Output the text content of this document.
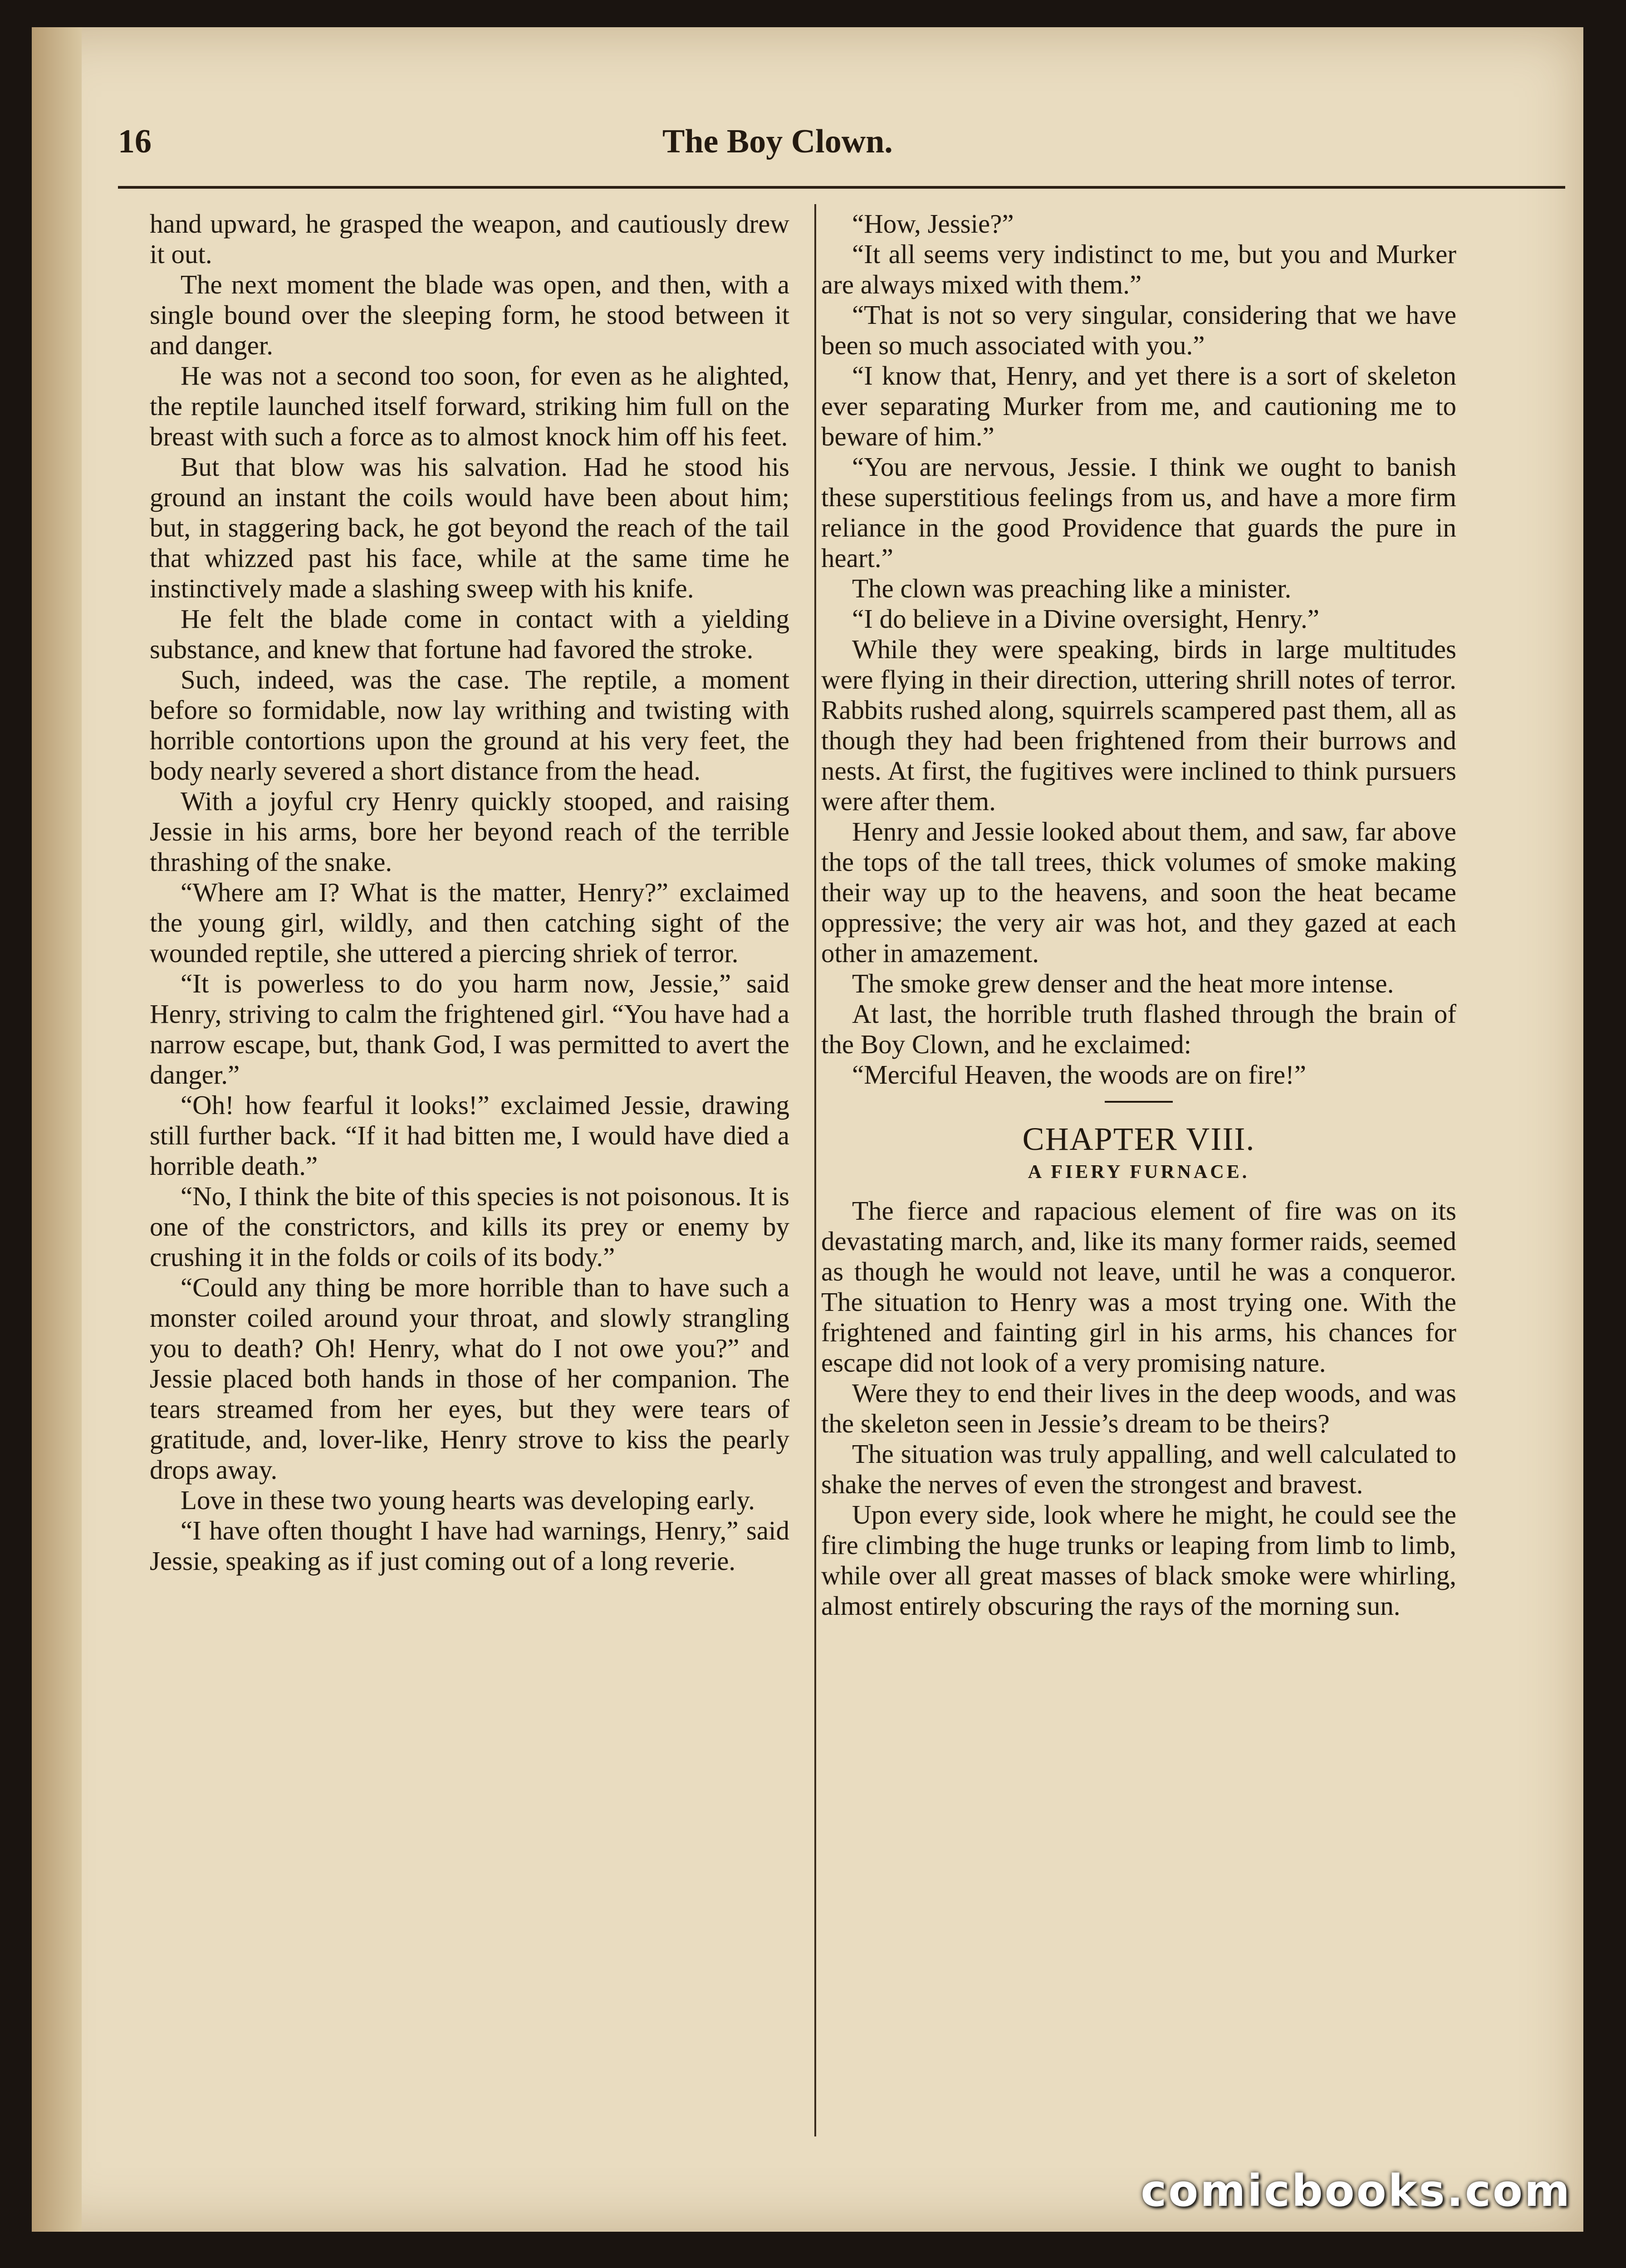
16	The Boy Clown.

hand upward, he grasped the weapon, and cautiously drew it out.

The next moment the blade was open, and then, with a single bound over the sleeping form, he stood between it and danger.

He was not a second too soon, for even as he alighted, the reptile launched itself forward, striking him full on the breast with such a force as to almost knock him off his feet.

But that blow was his salvation. Had he stood his ground an instant the coils would have been about him; but, in staggering back, he got beyond the reach of the tail that whizzed past his face, while at the same time he instinctively made a slashing sweep with his knife.

He felt the blade come in contact with a yielding substance, and knew that fortune had favored the stroke.

Such, indeed, was the case. The reptile, a moment before so formidable, now lay writhing and twisting with horrible contortions upon the ground at his very feet, the body nearly severed a short distance from the head.

With a joyful cry Henry quickly stooped, and raising Jessie in his arms, bore her beyond reach of the terrible thrashing of the snake.

“Where am I? What is the matter, Henry?” exclaimed the young girl, wildly, and then catching sight of the wounded reptile, she uttered a piercing shriek of terror.

“It is powerless to do you harm now, Jessie,” said Henry, striving to calm the frightened girl. “You have had a narrow escape, but, thank God, I was permitted to avert the danger.”

“Oh! how fearful it looks!” exclaimed Jessie, drawing still further back. “If it had bitten me, I would have died a horrible death.”

“No, I think the bite of this species is not poisonous. It is one of the constrictors, and kills its prey or enemy by crushing it in the folds or coils of its body.”

“Could any thing be more horrible than to have such a monster coiled around your throat, and slowly strangling you to death? Oh! Henry, what do I not owe you?” and Jessie placed both hands in those of her companion. The tears streamed from her eyes, but they were tears of gratitude, and, lover-like, Henry strove to kiss the pearly drops away.

Love in these two young hearts was developing early.

“I have often thought I have had warnings, Henry,” said Jessie, speaking as if just coming out of a long reverie.

“How, Jessie?”

“It all seems very indistinct to me, but you and Murker are always mixed with them.”

“That is not so very singular, considering that we have been so much associated with you.”

“I know that, Henry, and yet there is a sort of skeleton ever separating Murker from me, and cautioning me to beware of him.”

“You are nervous, Jessie. I think we ought to banish these superstitious feelings from us, and have a more firm reliance in the good Providence that guards the pure in heart.”

The clown was preaching like a minister.

“I do believe in a Divine oversight, Henry.”

While they were speaking, birds in large multitudes were flying in their direction, uttering shrill notes of terror. Rabbits rushed along, squirrels scampered past them, all as though they had been frightened from their burrows and nests. At first, the fugitives were inclined to think pursuers were after them.

Henry and Jessie looked about them, and saw, far above the tops of the tall trees, thick volumes of smoke making their way up to the heavens, and soon the heat became oppressive; the very air was hot, and they gazed at each other in amazement.

The smoke grew denser and the heat more intense.

At last, the horrible truth flashed through the brain of the Boy Clown, and he exclaimed:

“Merciful Heaven, the woods are on fire!”

CHAPTER VIII.
A FIERY FURNACE.

The fierce and rapacious element of fire was on its devastating march, and, like its many former raids, seemed as though he would not leave, until he was a conqueror. The situation to Henry was a most trying one. With the frightened and fainting girl in his arms, his chances for escape did not look of a very promising nature.

Were they to end their lives in the deep woods, and was the skeleton seen in Jessie’s dream to be theirs?

The situation was truly appalling, and well calculated to shake the nerves of even the strongest and bravest.

Upon every side, look where he might, he could see the fire climbing the huge trunks or leaping from limb to limb, while over all great masses of black smoke were whirling, almost entirely obscuring the rays of the morning sun.

comicbooks.com
